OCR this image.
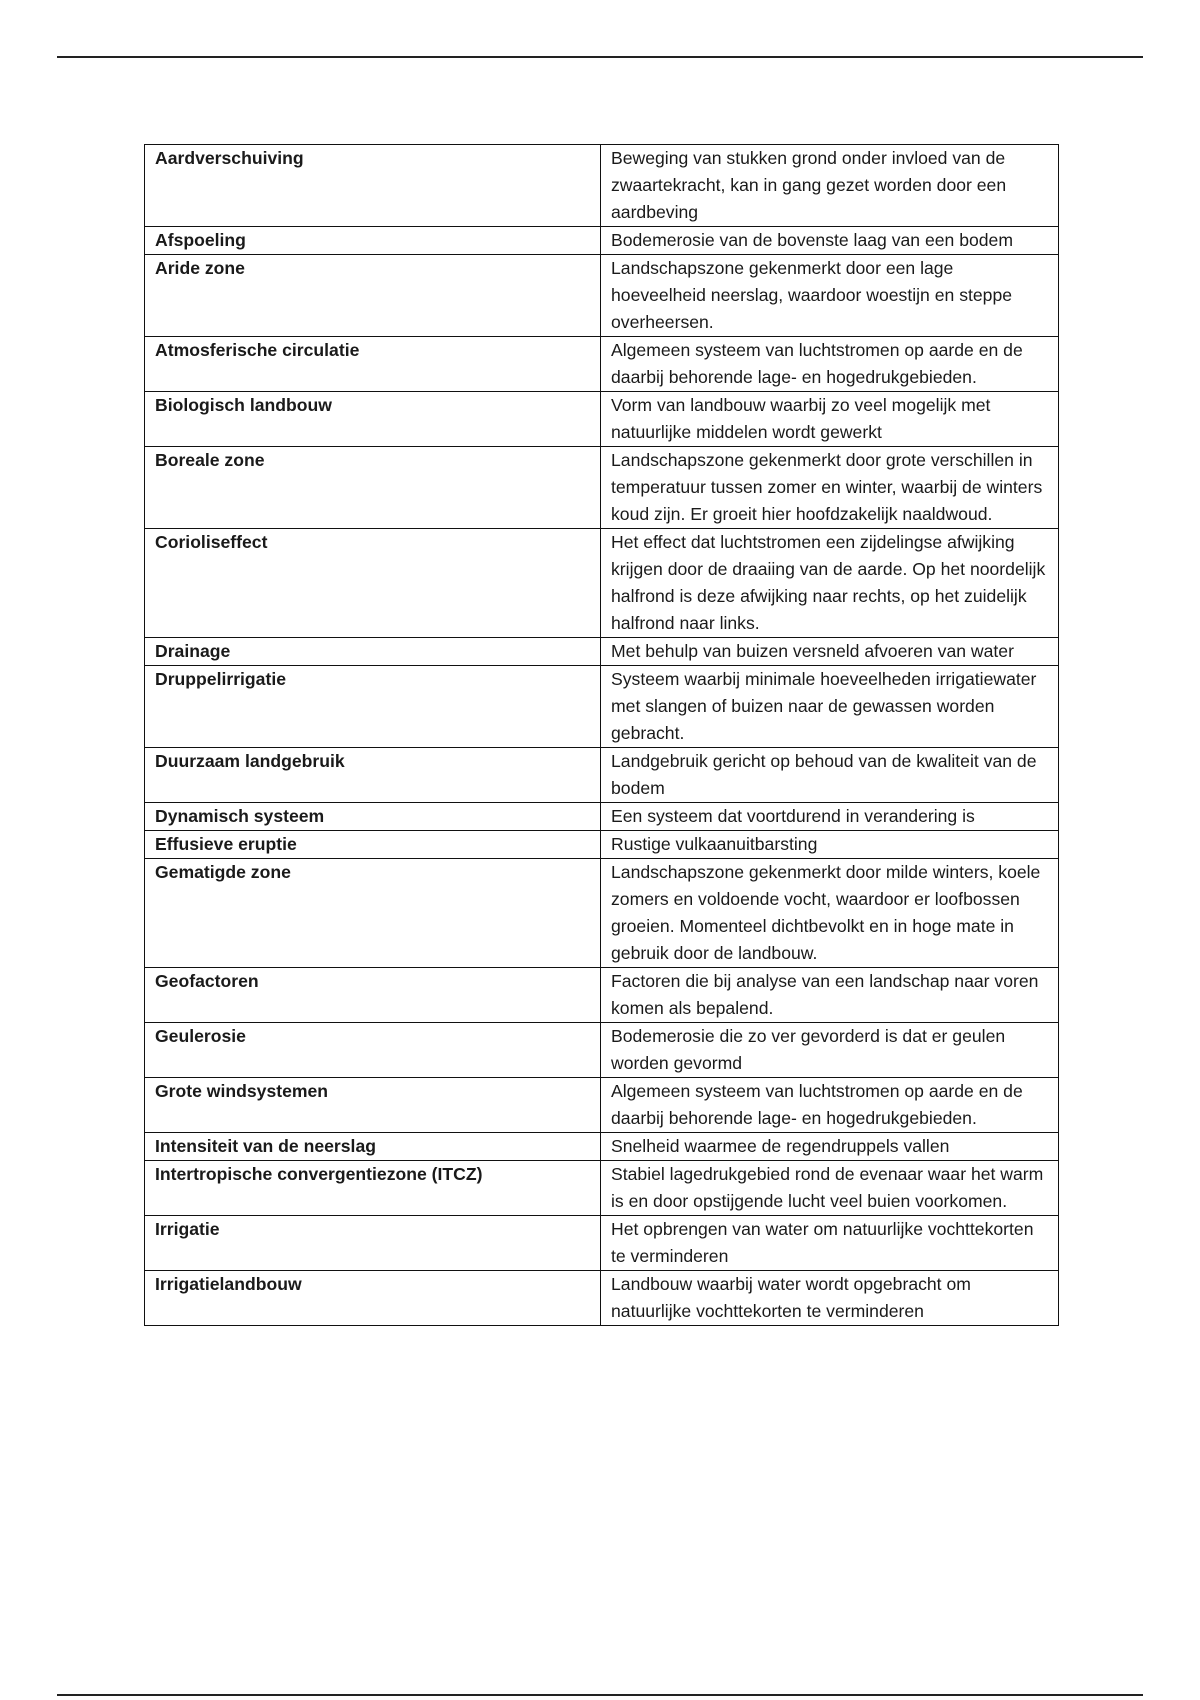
Aardverschuiving	Beweging van stukken grond onder invloed van de zwaartekracht, kan in gang gezet worden door een aardbeving
Afspoeling	Bodemerosie van de bovenste laag van een bodem
Aride zone	Landschapszone gekenmerkt door een lage hoeveelheid neerslag, waardoor woestijn en steppe overheersen.
Atmosferische circulatie	Algemeen systeem van luchtstromen op aarde en de daarbij behorende lage- en hogedrukgebieden.
Biologisch landbouw	Vorm van landbouw waarbij zo veel mogelijk met natuurlijke middelen wordt gewerkt
Boreale zone	Landschapszone gekenmerkt door grote verschillen in temperatuur tussen zomer en winter, waarbij de winters koud zijn. Er groeit hier hoofdzakelijk naaldwoud.
Corioliseffect	Het effect dat luchtstromen een zijdelingse afwijking krijgen door de draaiing van de aarde. Op het noordelijk halfrond is deze afwijking naar rechts, op het zuidelijk halfrond naar links.
Drainage	Met behulp van buizen versneld afvoeren van water
Druppelirrigatie	Systeem waarbij minimale hoeveelheden irrigatiewater met slangen of buizen naar de gewassen worden gebracht.
Duurzaam landgebruik	Landgebruik gericht op behoud van de kwaliteit van de bodem
Dynamisch systeem	Een systeem dat voortdurend in verandering is
Effusieve eruptie	Rustige vulkaanuitbarsting
Gematigde zone	Landschapszone gekenmerkt door milde winters, koele zomers en voldoende vocht, waardoor er loofbossen groeien. Momenteel dichtbevolkt en in hoge mate in gebruik door de landbouw.
Geofactoren	Factoren die bij analyse van een landschap naar voren komen als bepalend.
Geulerosie	Bodemerosie die zo ver gevorderd is dat er geulen worden gevormd
Grote windsystemen	Algemeen systeem van luchtstromen op aarde en de daarbij behorende lage- en hogedrukgebieden.
Intensiteit van de neerslag	Snelheid waarmee de regendruppels vallen
Intertropische convergentiezone (ITCZ)	Stabiel lagedrukgebied rond de evenaar waar het warm is en door opstijgende lucht veel buien voorkomen.
Irrigatie	Het opbrengen van water om natuurlijke vochttekorten te verminderen
Irrigatielandbouw	Landbouw waarbij water wordt opgebracht om natuurlijke vochttekorten te verminderen
